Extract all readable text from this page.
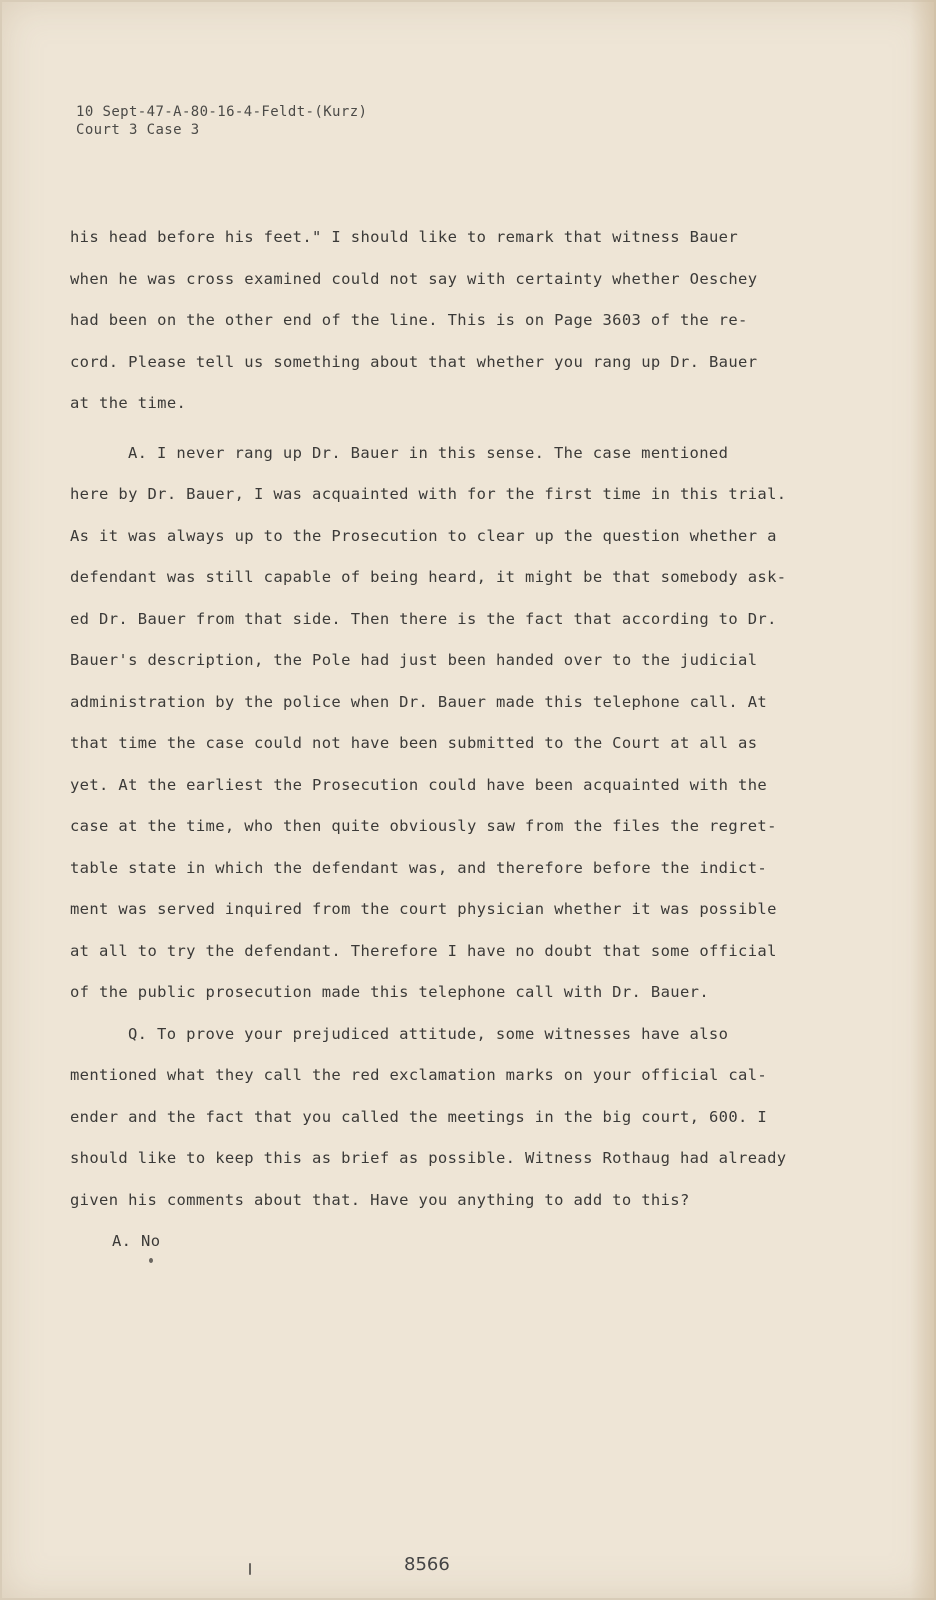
10 Sept-47-A-80-16-4-Feldt-(Kurz)
Court 3 Case 3

his head before his feet." I should like to remark that witness Bauer
when he was cross examined could not say with certainty whether Oeschey
had been on the other end of the line. This is on Page 3603 of the re-
cord. Please tell us something about that whether you rang up Dr. Bauer
at the time.

A. I never rang up Dr. Bauer in this sense. The case mentioned
here by Dr. Bauer, I was acquainted with for the first time in this trial.
As it was always up to the Prosecution to clear up the question whether a
defendant was still capable of being heard, it might be that somebody ask-
ed Dr. Bauer from that side. Then there is the fact that according to Dr.
Bauer's description, the Pole had just been handed over to the judicial
administration by the police when Dr. Bauer made this telephone call. At
that time the case could not have been submitted to the Court at all as
yet. At the earliest the Prosecution could have been acquainted with the
case at the time, who then quite obviously saw from the files the regret-
table state in which the defendant was, and therefore before the indict-
ment was served inquired from the court physician whether it was possible
at all to try the defendant. Therefore I have no doubt that some official
of the public prosecution made this telephone call with Dr. Bauer.

Q. To prove your prejudiced attitude, some witnesses have also
mentioned what they call the red exclamation marks on your official cal-
ender and the fact that you called the meetings in the big court, 600. I
should like to keep this as brief as possible. Witness Rothaug had already
given his comments about that. Have you anything to add to this?

A. No

8566
